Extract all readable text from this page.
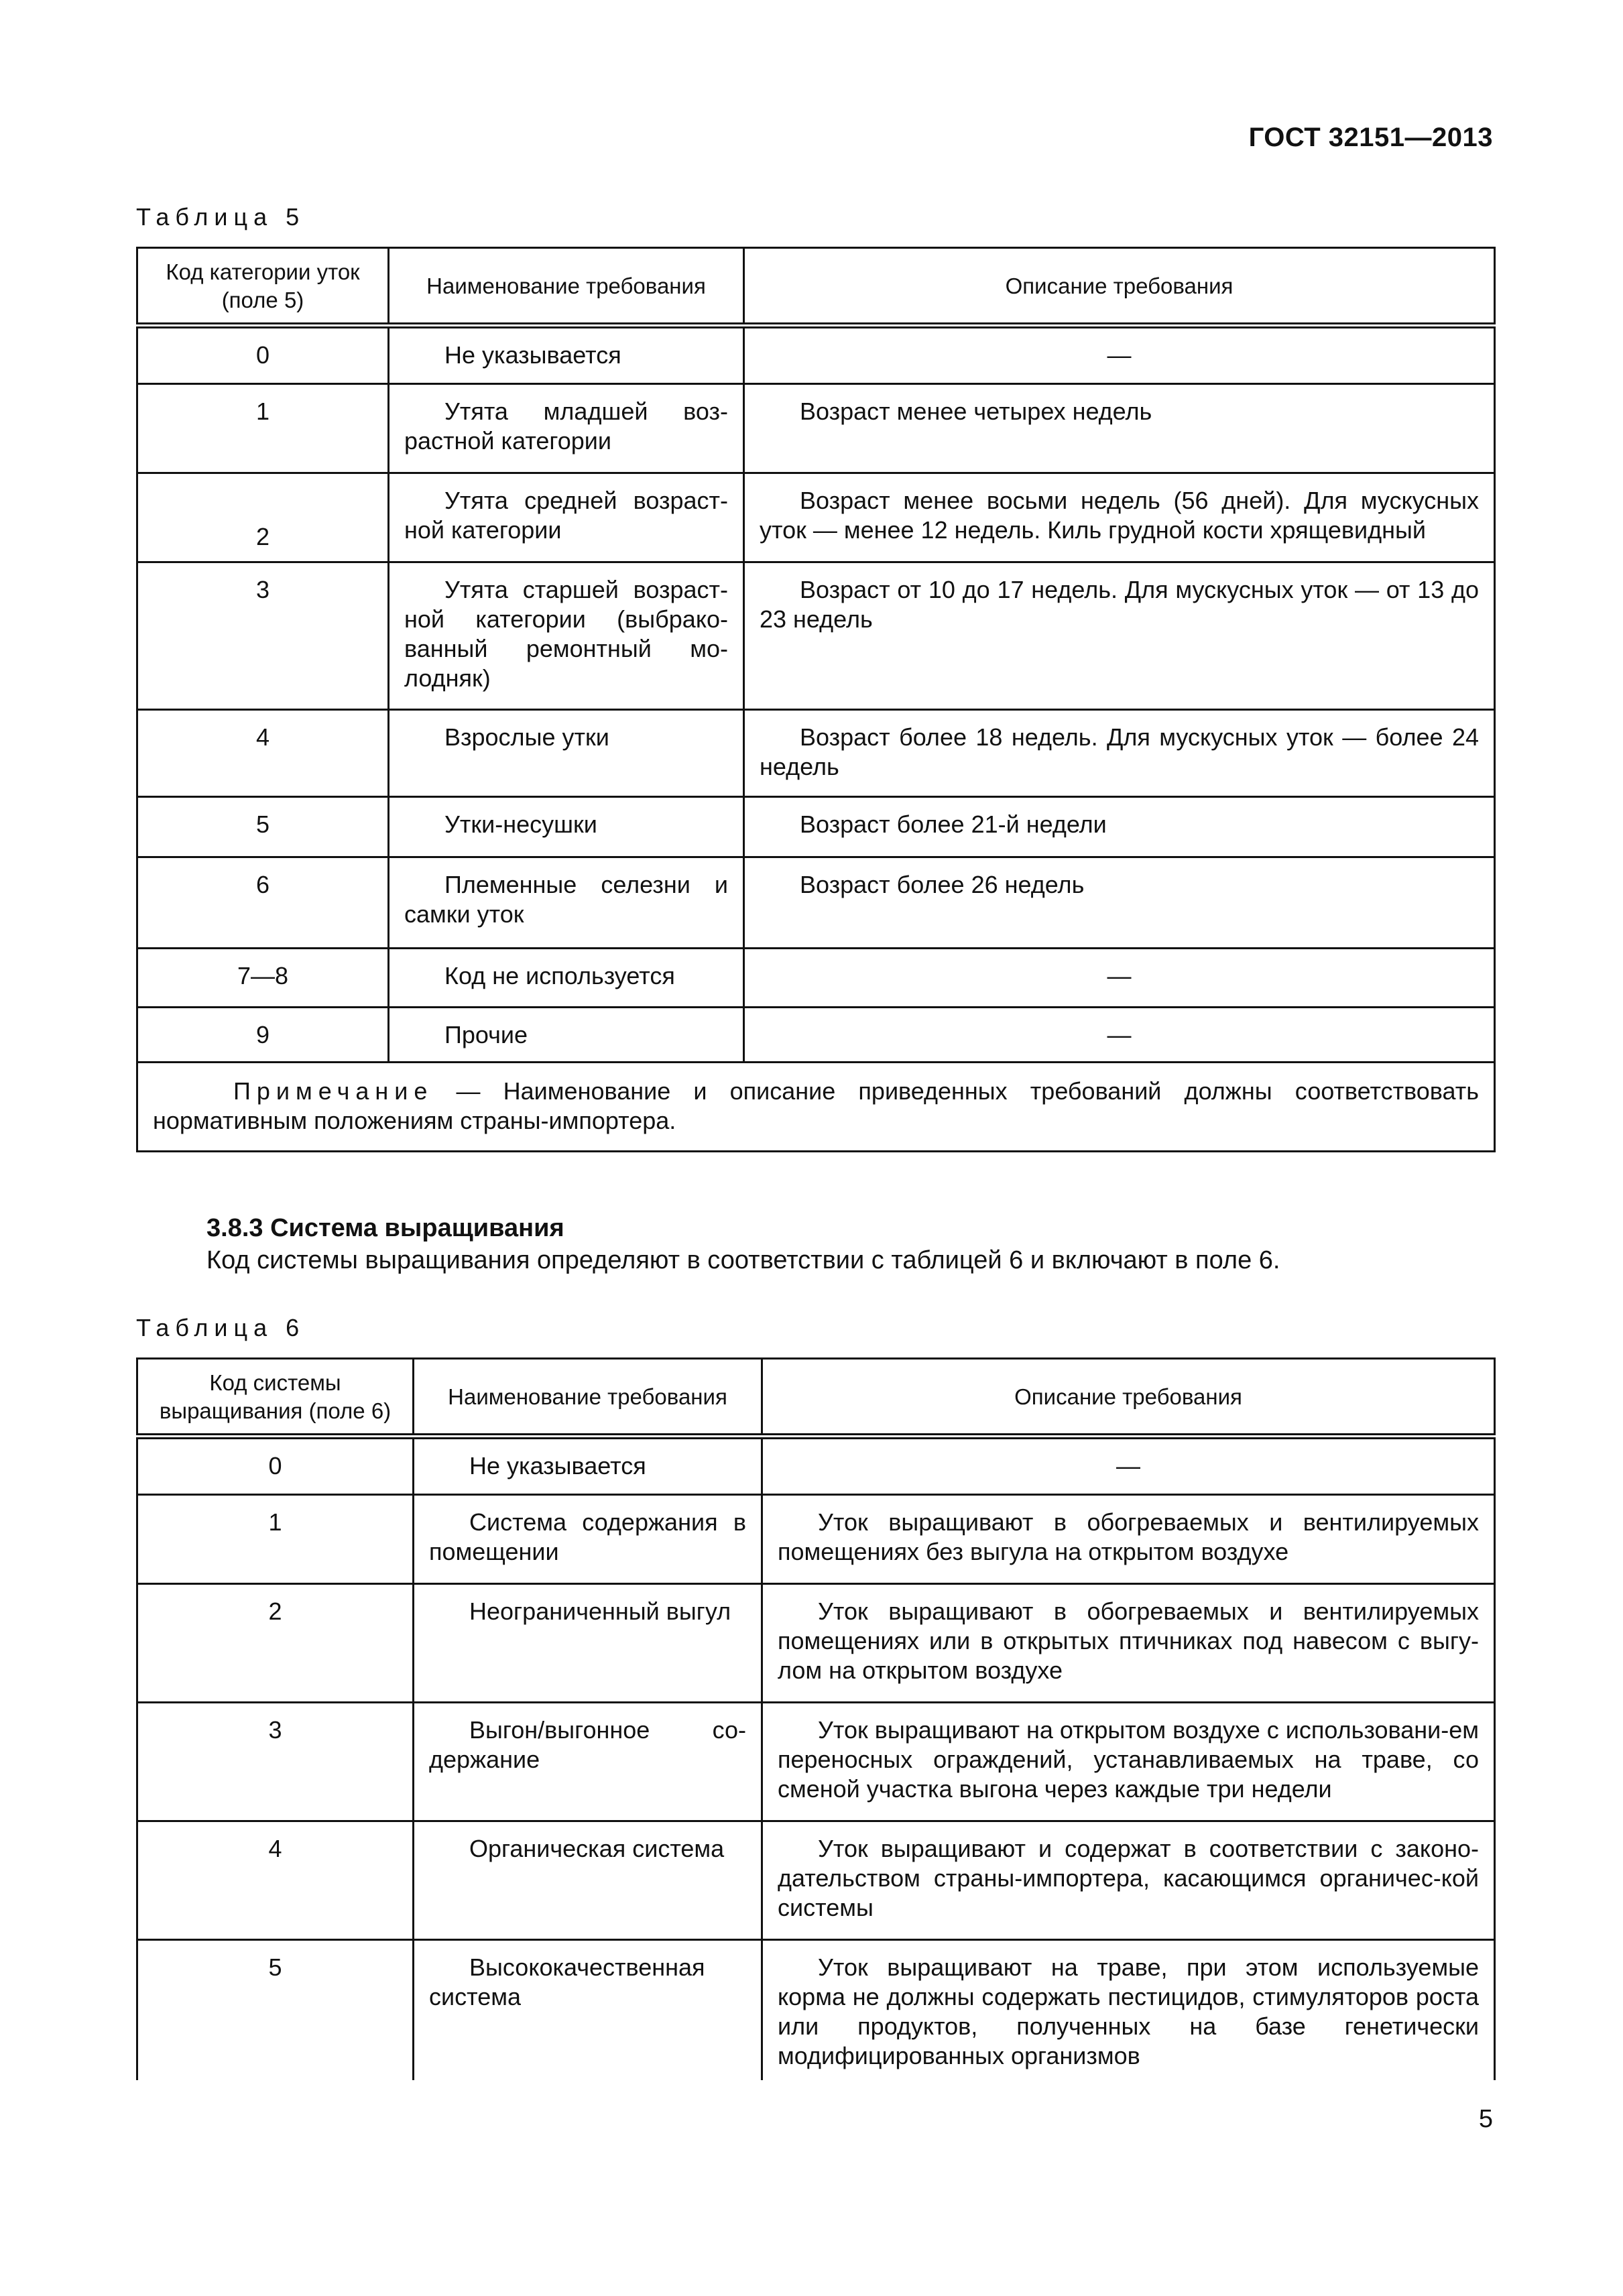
ГОСТ 32151—2013
Таблица 5
Код категории уток (поле 5)	Наименование требования	Описание требования
0	Не указывается	—
1	Утята младшей воз-растной категории	Возраст менее четырех недель
2	Утята средней возраст-ной категории	Возраст менее восьми недель (56 дней). Для мускусных уток — менее 12 недель. Киль грудной кости хрящевидный
3	Утята старшей возраст-ной категории (выбрако-ванный ремонтный мо-лодняк)	Возраст от 10 до 17 недель. Для мускусных уток — от 13 до 23 недель
4	Взрослые утки	Возраст более 18 недель. Для мускусных уток — более 24 недель
5	Утки-несушки	Возраст более 21-й недели
6	Племенные селезни и самки уток	Возраст более 26 недель
7—8	Код не используется	—
9	Прочие	—
Примечание — Наименование и описание приведенных требований должны соответствовать нормативным положениям страны-импортера.		
3.8.3 Система выращивания
Код системы выращивания определяют в соответствии с таблицей 6 и включают в поле 6.
Таблица 6
Код системы выращивания (поле 6)	Наименование требования	Описание требования
0	Не указывается	—
1	Система содержания в помещении	Уток выращивают в обогреваемых и вентилируемых помещениях без выгула на открытом воздухе
2	Неограниченный выгул	Уток выращивают в обогреваемых и вентилируемых помещениях или в открытых птичниках под навесом с выгу-лом на открытом воздухе
3	Выгон/выгонное со-держание	Уток выращивают на открытом воздухе с использовани-ем переносных ограждений, устанавливаемых на траве, со сменой участка выгона через каждые три недели
4	Органическая система	Уток выращивают и содержат в соответствии с законо-дательством страны-импортера, касающимся органичес-кой системы
5	Высококачественная система	Уток выращивают на траве, при этом используемые корма не должны содержать пестицидов, стимуляторов роста или продуктов, полученных на базе генетически модифицированных организмов
5
